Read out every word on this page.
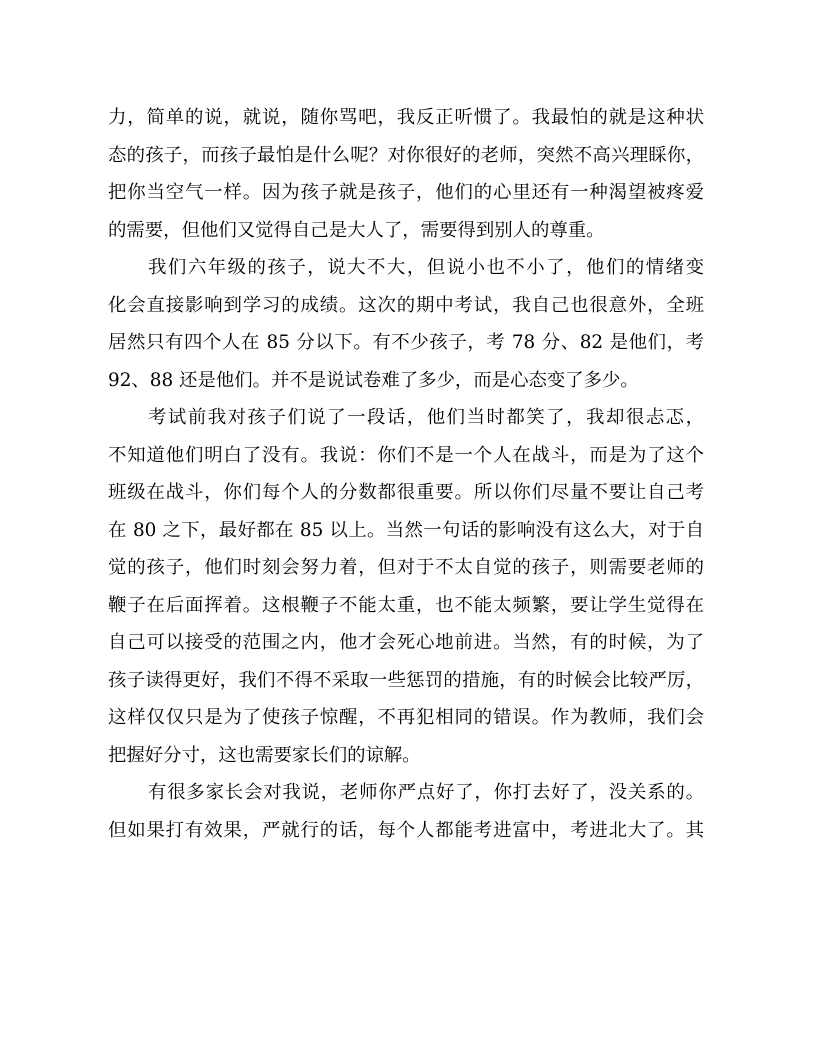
力，简单的说，就说，随你骂吧，我反正听惯了。我最怕的就是这种状
态的孩子，而孩子最怕是什么呢？对你很好的老师，突然不高兴理睬你，
把你当空气一样。因为孩子就是孩子，他们的心里还有一种渴望被疼爱
的需要，但他们又觉得自己是大人了，需要得到别人的尊重。
我们六年级的孩子，说大不大，但说小也不小了，他们的情绪变
化会直接影响到学习的成绩。这次的期中考试，我自己也很意外，全班
居然只有四个人在 85 分以下。有不少孩子，考 78 分、82 是他们，考
92、88 还是他们。并不是说试卷难了多少，而是心态变了多少。
考试前我对孩子们说了一段话，他们当时都笑了，我却很忐忑，
不知道他们明白了没有。我说：你们不是一个人在战斗，而是为了这个
班级在战斗，你们每个人的分数都很重要。所以你们尽量不要让自己考
在 80 之下，最好都在 85 以上。当然一句话的影响没有这么大，对于自
觉的孩子，他们时刻会努力着，但对于不太自觉的孩子，则需要老师的
鞭子在后面挥着。这根鞭子不能太重，也不能太频繁，要让学生觉得在
自己可以接受的范围之内，他才会死心地前进。当然，有的时候，为了
孩子读得更好，我们不得不采取一些惩罚的措施，有的时候会比较严厉，
这样仅仅只是为了使孩子惊醒，不再犯相同的错误。作为教师，我们会
把握好分寸，这也需要家长们的谅解。
有很多家长会对我说，老师你严点好了，你打去好了，没关系的。
但如果打有效果，严就行的话，每个人都能考进富中，考进北大了。其
